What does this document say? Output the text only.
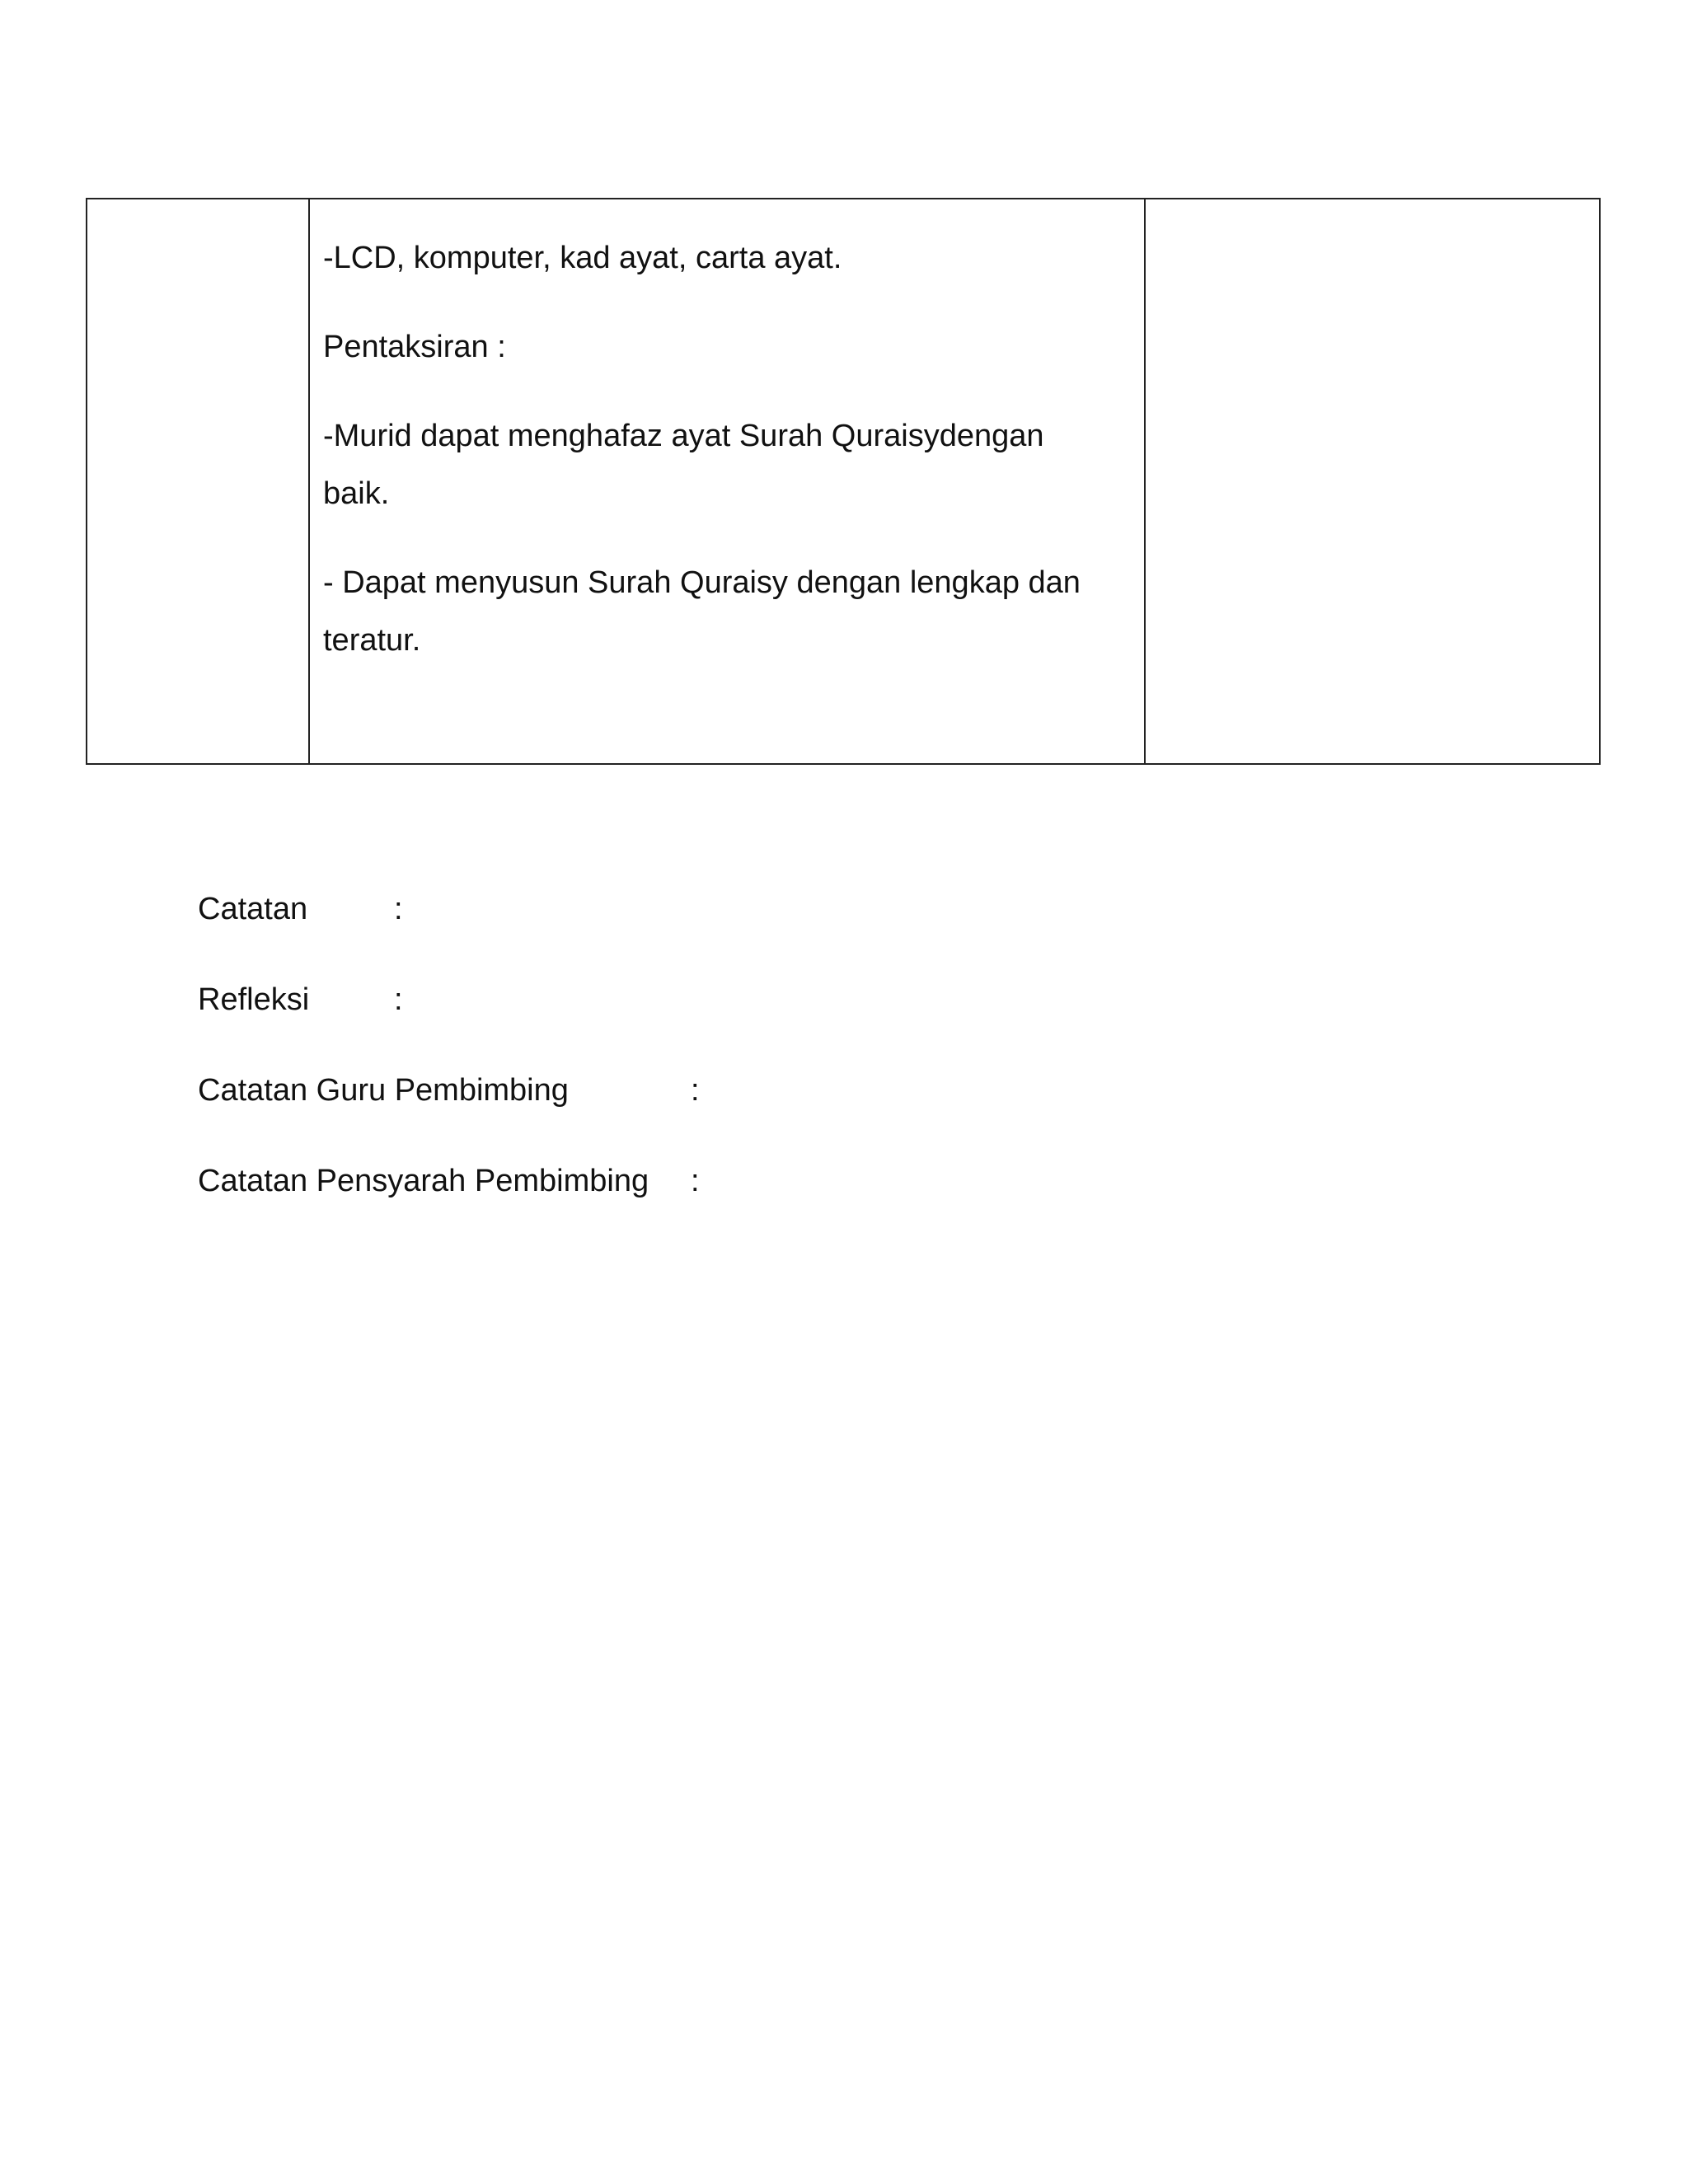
-LCD, komputer, kad ayat, carta ayat.

Pentaksiran :

-Murid dapat menghafaz ayat Surah Quraisydengan

baik.

- Dapat menyusun Surah Quraisy dengan lengkap dan

teratur.

Catatan	:
Refleksi	:
Catatan Guru Pembimbing	:
Catatan Pensyarah Pembimbing :
